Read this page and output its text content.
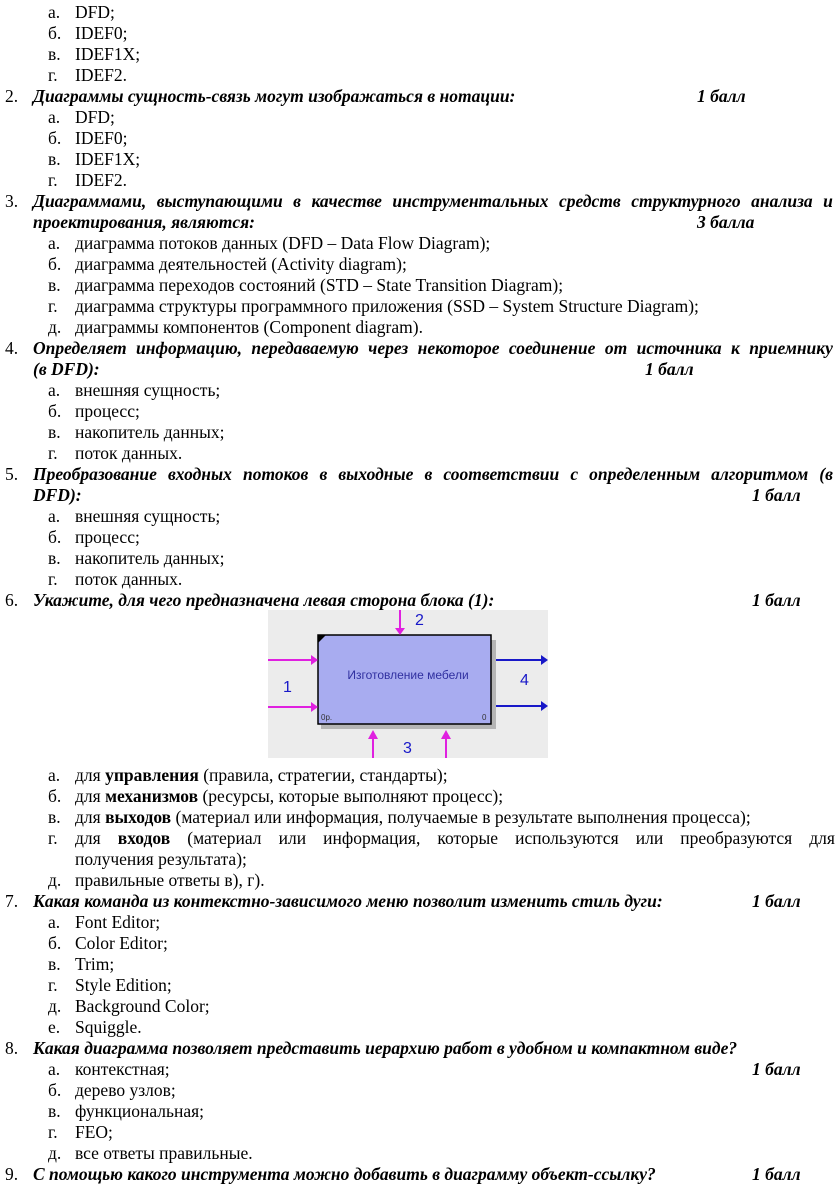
а. DFD;
б. IDEF0;
в. IDEF1X;
г. IDEF2.
2. Диаграммы сущность-связь могут изображаться в нотации:	1 балл
а. DFD;
б. IDEF0;
в. IDEF1X;
г. IDEF2.
3. Диаграммами, выступающими в качестве инструментальных средств структурного анализа и
проектирования, являются:	3 балла
а. диаграмма потоков данных (DFD – Data Flow Diagram);
б. диаграмма деятельностей (Activity diagram);
в. диаграмма переходов состояний (STD – State Transition Diagram);
г. диаграмма структуры программного приложения (SSD – System Structure Diagram);
д. диаграммы компонентов (Component diagram).
4. Определяет информацию, передаваемую через некоторое соединение от источника к приемнику
(в DFD):	1 балл
а. внешняя сущность;
б. процесс;
в. накопитель данных;
г. поток данных.
5. Преобразование входных потоков в выходные в соответствии с определенным алгоритмом (в
DFD):	1 балл
а. внешняя сущность;
б. процесс;
в. накопитель данных;
г. поток данных.
6. Укажите, для чего предназначена левая сторона блока (1):	1 балл
Изготовление мебели
0р.	0
2
1	4
3
а. для управления (правила, стратегии, стандарты);
б. для механизмов (ресурсы, которые выполняют процесс);
в. для выходов (материал или информация, получаемые в результате выполнения процесса);
г. для входов (материал или информация, которые используются или преобразуются для
получения результата);
д. правильные ответы в), г).
7. Какая команда из контекстно-зависимого меню позволит изменить стиль дуги:	1 балл
а. Font Editor;
б. Color Editor;
в. Trim;
г. Style Edition;
д. Background Color;
е. Squiggle.
8. Какая диаграмма позволяет представить иерархию работ в удобном и компактном виде?
а. контекстная;	1 балл
б. дерево узлов;
в. функциональная;
г. FEO;
д. все ответы правильные.
9. С помощью какого инструмента можно добавить в диаграмму объект-ссылку?	1 балл
